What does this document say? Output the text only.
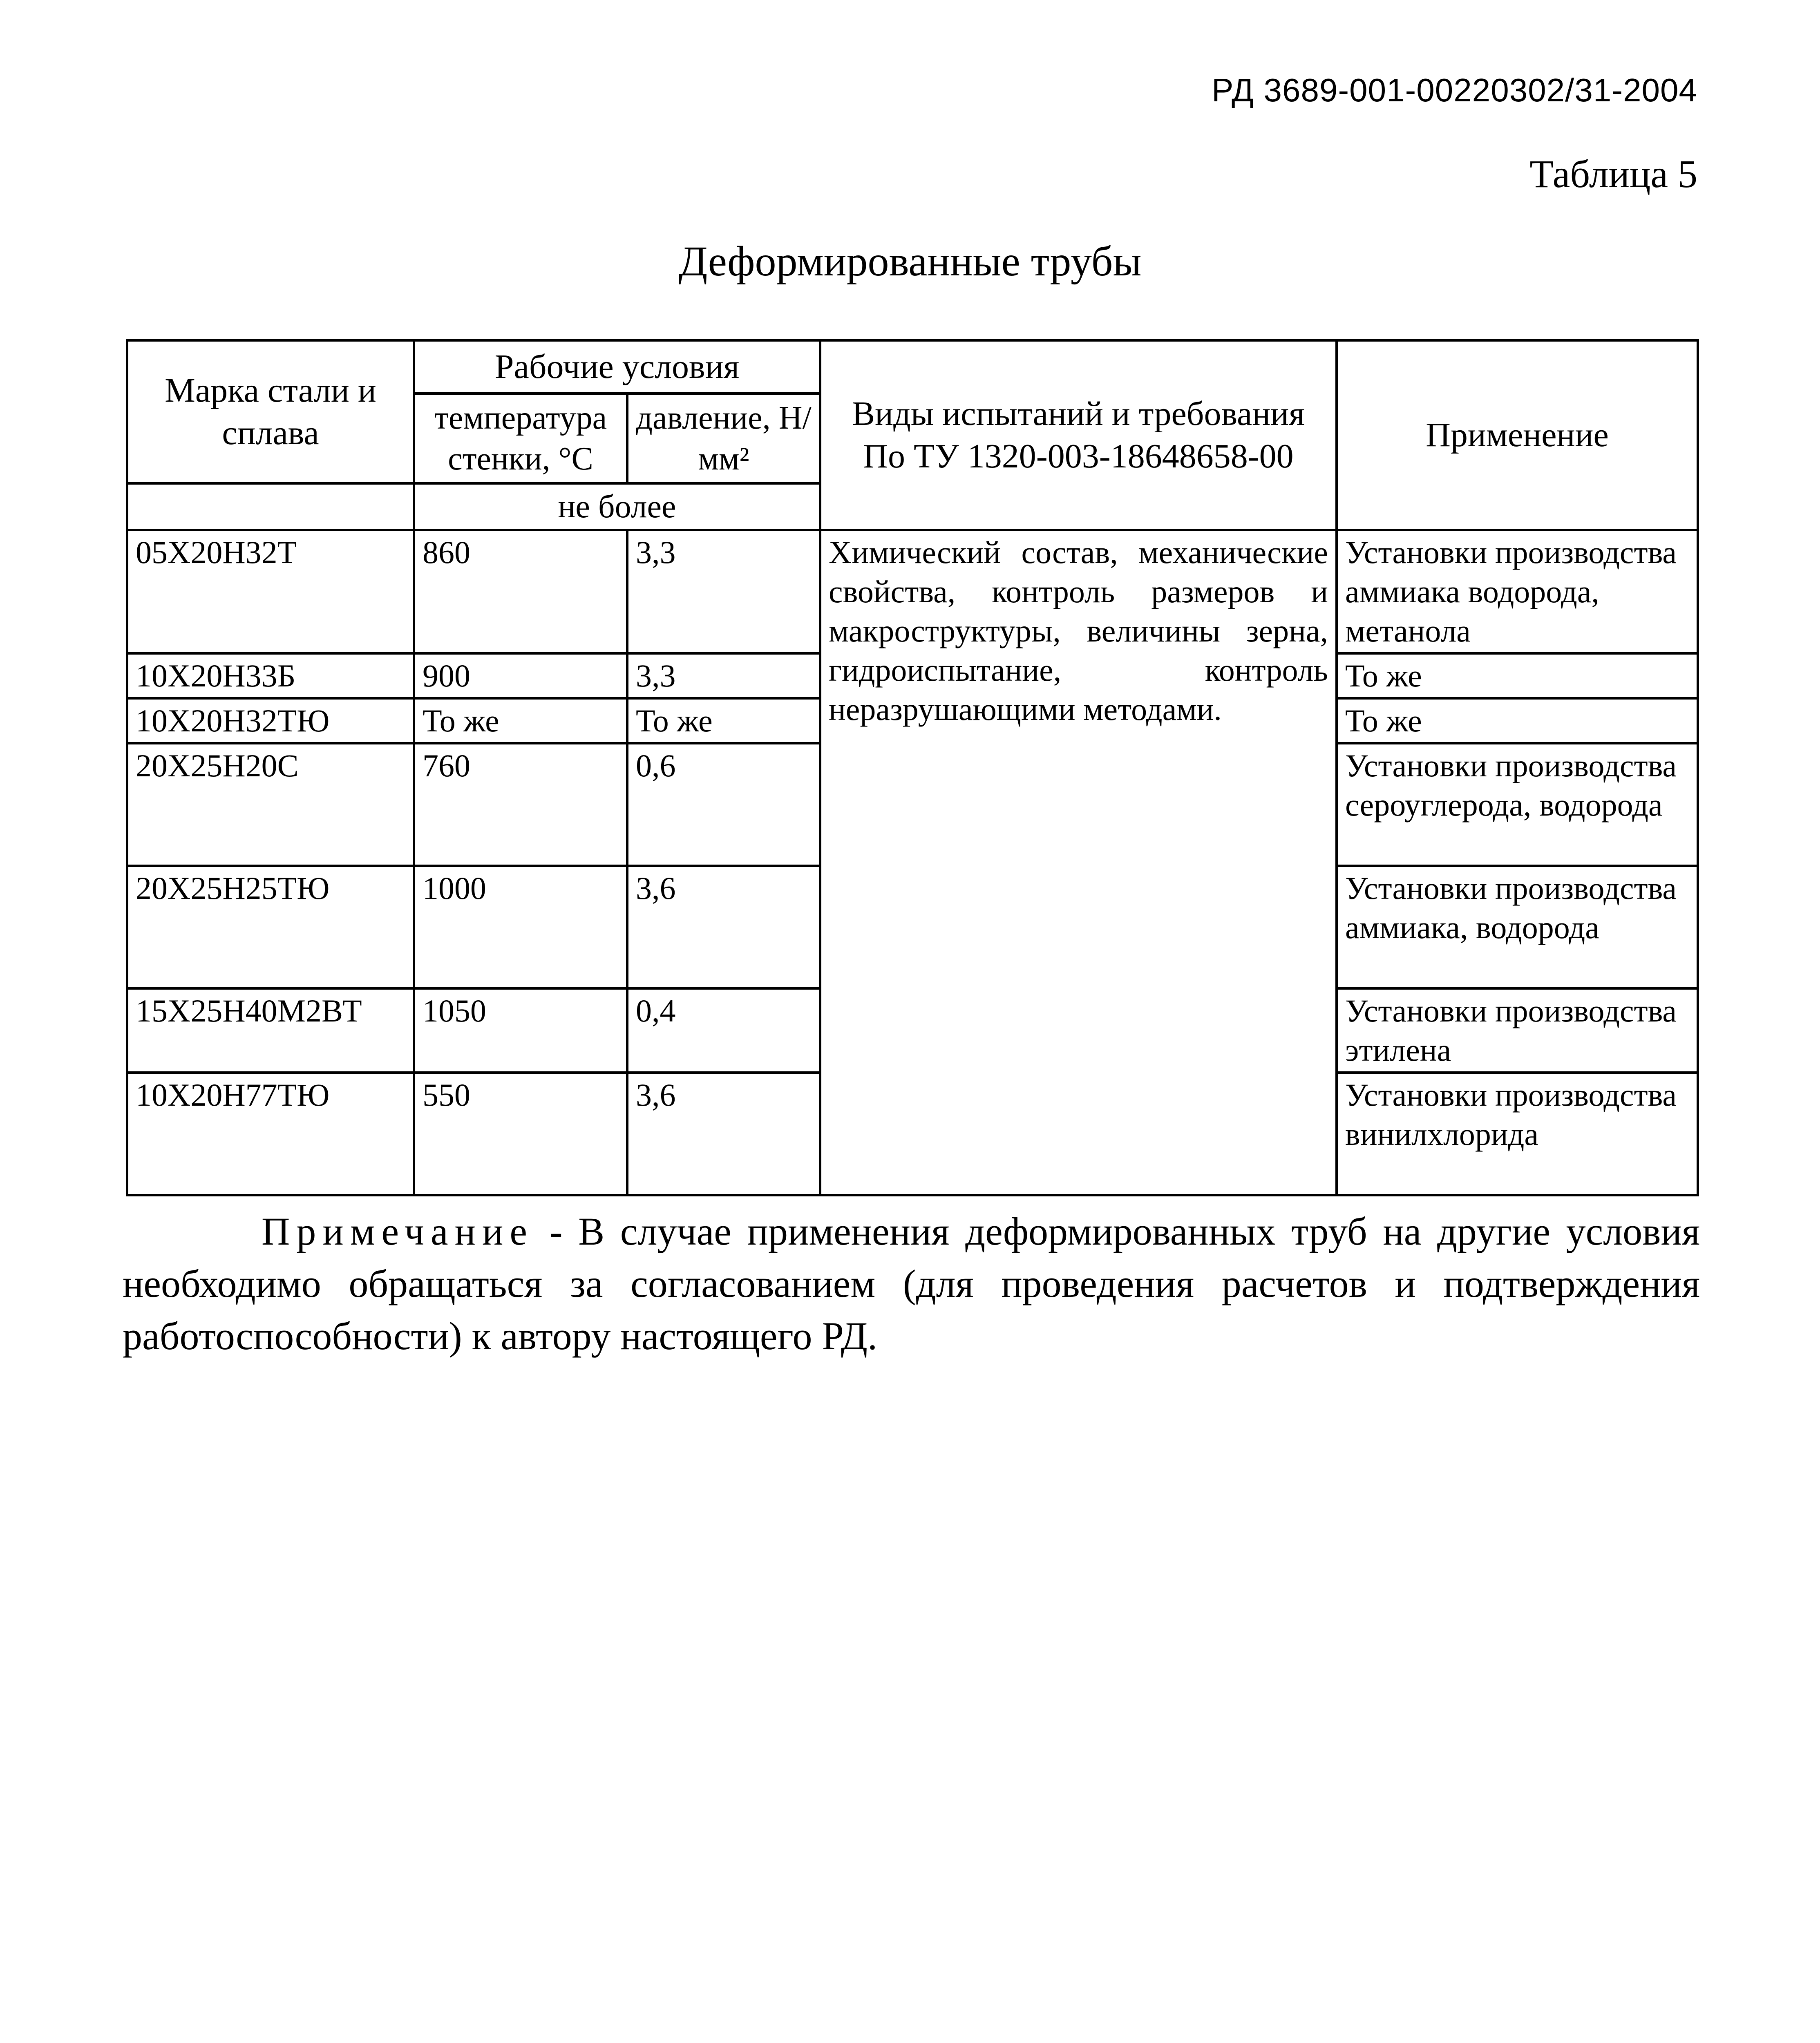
РД 3689-001-00220302/31-2004
Таблица 5
Деформированные трубы
Марка стали и сплава	Рабочие условия		Виды испытаний и требования По ТУ 1320-003-18648658-00	Применение
	температура стенки, °С	давление, Н/мм²		
	не более			
05Х20Н32Т	860	3,3	Химический состав, механические свойства, контроль размеров и макроструктуры, величины зерна, гидроиспытание, контроль неразрушающими методами.	Установки производства аммиака водорода, метанола
10Х20Н33Б	900	3,3		То же
10Х20Н32ТЮ	То же	То же		То же
20Х25Н20С	760	0,6		Установки производства сероуглерода, водорода
20Х25Н25ТЮ	1000	3,6		Установки производства аммиака, водорода
15Х25Н40М2ВТ	1050	0,4		Установки производства этилена
10Х20Н77ТЮ	550	3,6		Установки производства винилхлорида
Примечание - В случае применения деформированных труб на другие условия необходимо обращаться за согласованием (для проведения расчетов и подтверждения работоспособности) к автору настоящего РД.
